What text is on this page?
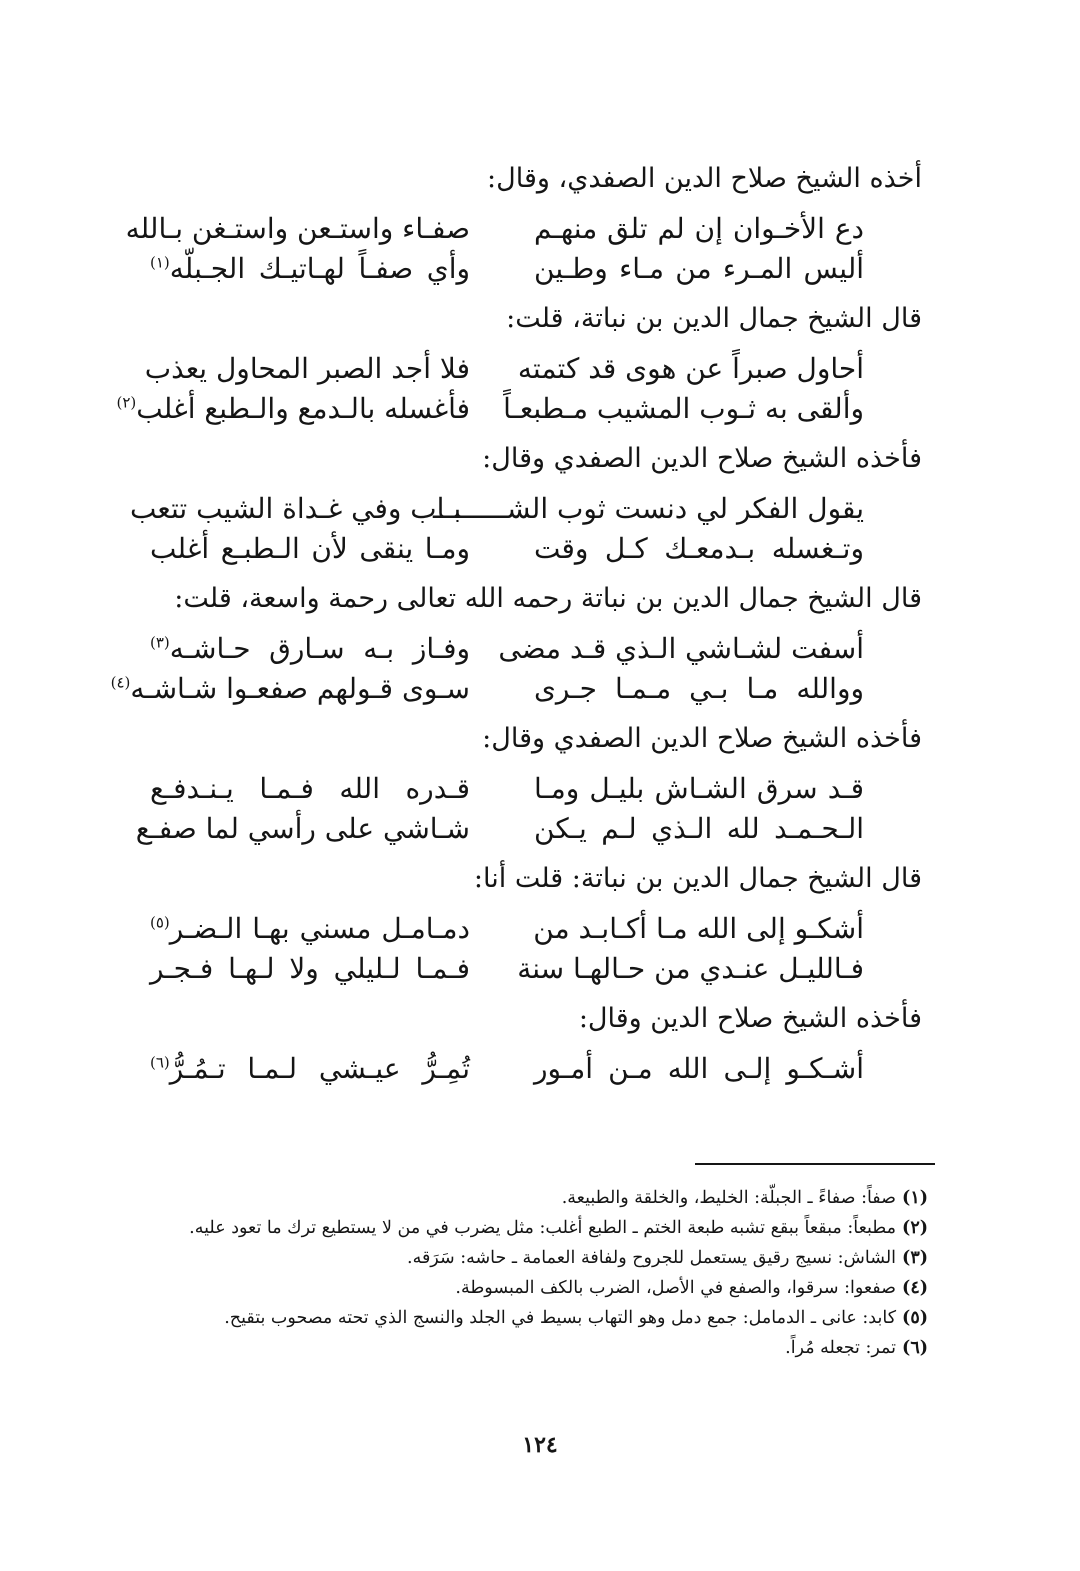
أخذه الشيخ صلاح الدين الصفدي، وقال:

دع الأخـوان إن لم تلق منهـم
صفـاء واستـعن واستـغن بـالله
أليس المـرء من مـاء وطـين
وأي صفـاً لهـاتيـك الجـبلّه$^{(١)}$

قال الشيخ جمال الدين بن نباتة، قلت:

أحاول صبراً عن هوى قد كتمته
فلا أجد الصبر المحاول يعذب
وألقى به ثـوب المشيب مـطبعـاً
فأغسله بالـدمع والـطبع أغلب$^{(٢)}$

فأخذه الشيخ صلاح الدين الصفدي وقال:

يقول الفكر لي دنست ثوب الشـــــــــ
ـبـاب وفي غـداة الشيب تتعب
وتـغسله بـدمعـك كـل وقت
ومـا ينقى لأن الـطبـع أغلب

قال الشيخ جمال الدين بن نباتة رحمه الله تعالى رحمة واسعة، قلت:

أسفت لشـاشي الـذي قـد مضى
وفـاز بـه سـارق حـاشـه$^{(٣)}$
ووالله مـا بـي مـمـا جـرى
سـوى قـولهم صفعـوا شـاشـه$^{(٤)}$

فأخذه الشيخ صلاح الدين الصفدي وقال:

قـد سرق الشـاش بليـل ومـا
قـدره الله فـمـا يـنـدفـع
الـحـمـد لله الـذي لـم يـكن
شـاشي على رأسي لما صفـع

قال الشيخ جمال الدين بن نباتة: قلت أنا:

أشكـو إلى الله مـا أكـابـد من
دمـامـل مسني بهـا الـضـر$^{(٥)}$
فـالليـل عنـدي من حـالهـا سنة
فـمـا لـليلي ولا لـهـا فـجـر

فأخذه الشيخ صلاح الدين وقال:

أشـكـو إلـى الله مـن أمـور
تُمِـرُّ عيـشي لـمـا تـمُـرُّ$^{(٦)}$
(١)صفاً: صفاءً ـ الجبلّة: الخليط، والخلقة والطبيعة.
(٢)مطبعاً: مبقعاً ببقع تشبه طبعة الختم ـ الطبع أغلب: مثل يضرب في من لا يستطيع ترك ما تعود عليه.
(٣)الشاش: نسيج رقيق يستعمل للجروح ولفافة العمامة ـ حاشه: سَرَقه.
(٤)صفعوا: سرقوا، والصفع في الأصل، الضرب بالكف المبسوطة.
(٥)كابد: عانى ـ الدمامل: جمع دمل وهو التهاب بسيط في الجلد والنسج الذي تحته مصحوب بتقيح.
(٦)تمر: تجعله مُراً.
١٢٤
